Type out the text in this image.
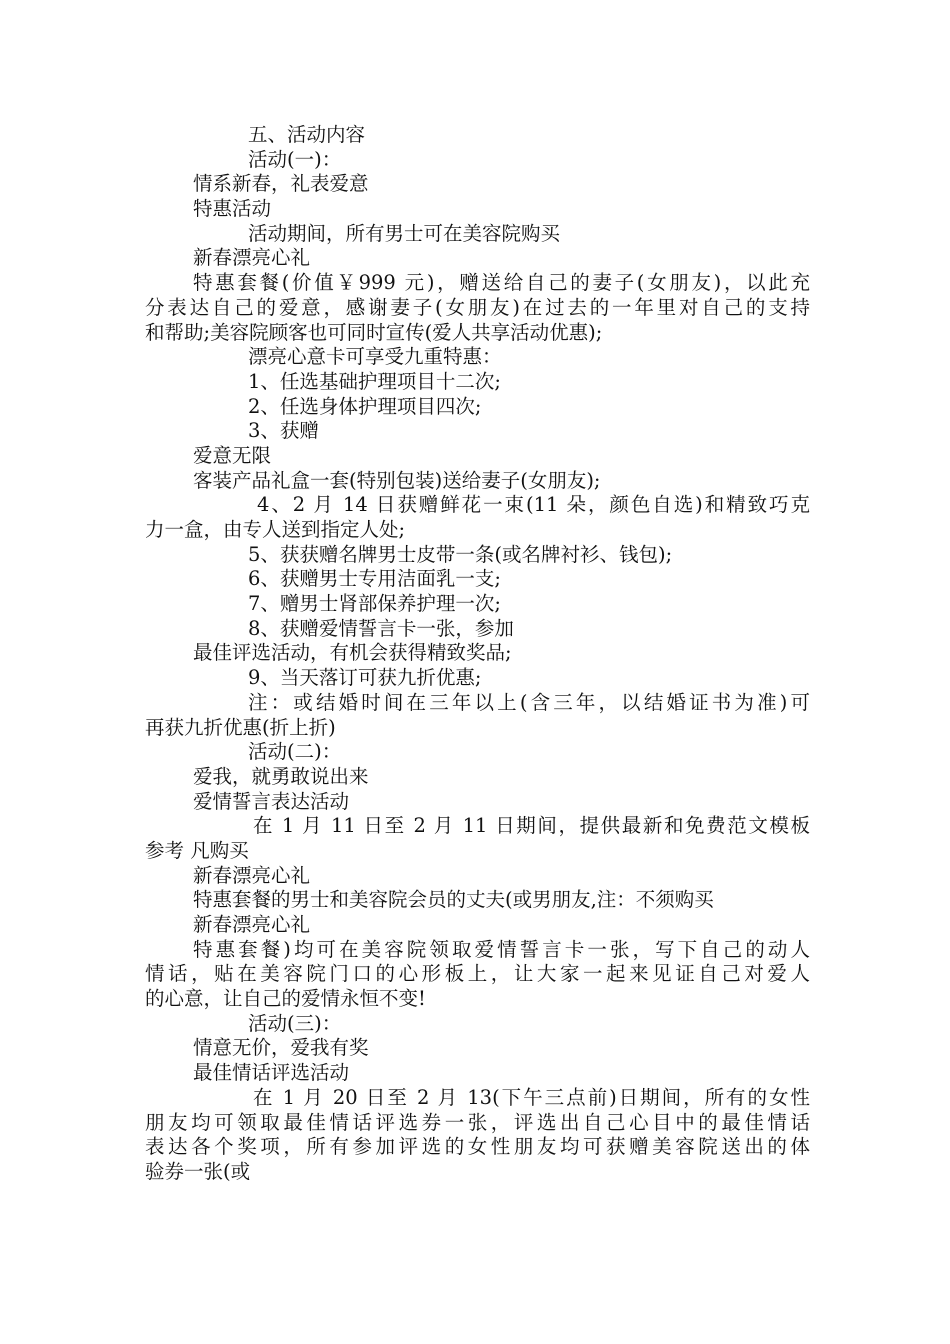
五、活动内容
活动(一)：
情系新春，礼表爱意
特惠活动
活动期间，所有男士可在美容院购买
新春漂亮心礼
特惠套餐(价值￥999 元)，赠送给自己的妻子(女朋友)，以此充
分表达自己的爱意，感谢妻子(女朋友)在过去的一年里对自己的支持
和帮助;美容院顾客也可同时宣传(爱人共享活动优惠);
漂亮心意卡可享受九重特惠：
1、任选基础护理项目十二次;
2、任选身体护理项目四次;
3、获赠
爱意无限
客装产品礼盒一套(特别包装)送给妻子(女朋友);
4、2 月 14 日获赠鲜花一束(11 朵，颜色自选)和精致巧克
力一盒，由专人送到指定人处;
5、获获赠名牌男士皮带一条(或名牌衬衫、钱包);
6、获赠男士专用洁面乳一支;
7、赠男士肾部保养护理一次;
8、获赠爱情誓言卡一张，参加
最佳评选活动，有机会获得精致奖品;
9、当天落订可获九折优惠;
注：或结婚时间在三年以上(含三年，以结婚证书为准)可
再获九折优惠(折上折)
活动(二)：
爱我，就勇敢说出来
爱情誓言表达活动
在 1 月 11 日至 2 月 11 日期间，提供最新和免费范文模板
参考 凡购买
新春漂亮心礼
特惠套餐的男士和美容院会员的丈夫(或男朋友,注：不须购买
新春漂亮心礼
特惠套餐)均可在美容院领取爱情誓言卡一张，写下自己的动人
情话，贴在美容院门口的心形板上，让大家一起来见证自己对爱人
的心意，让自己的爱情永恒不变!
活动(三)：
情意无价，爱我有奖
最佳情话评选活动
在 1 月 20 日至 2 月 13(下午三点前)日期间，所有的女性
朋友均可领取最佳情话评选券一张，评选出自己心目中的最佳情话
表达各个奖项，所有参加评选的女性朋友均可获赠美容院送出的体
验券一张(或
